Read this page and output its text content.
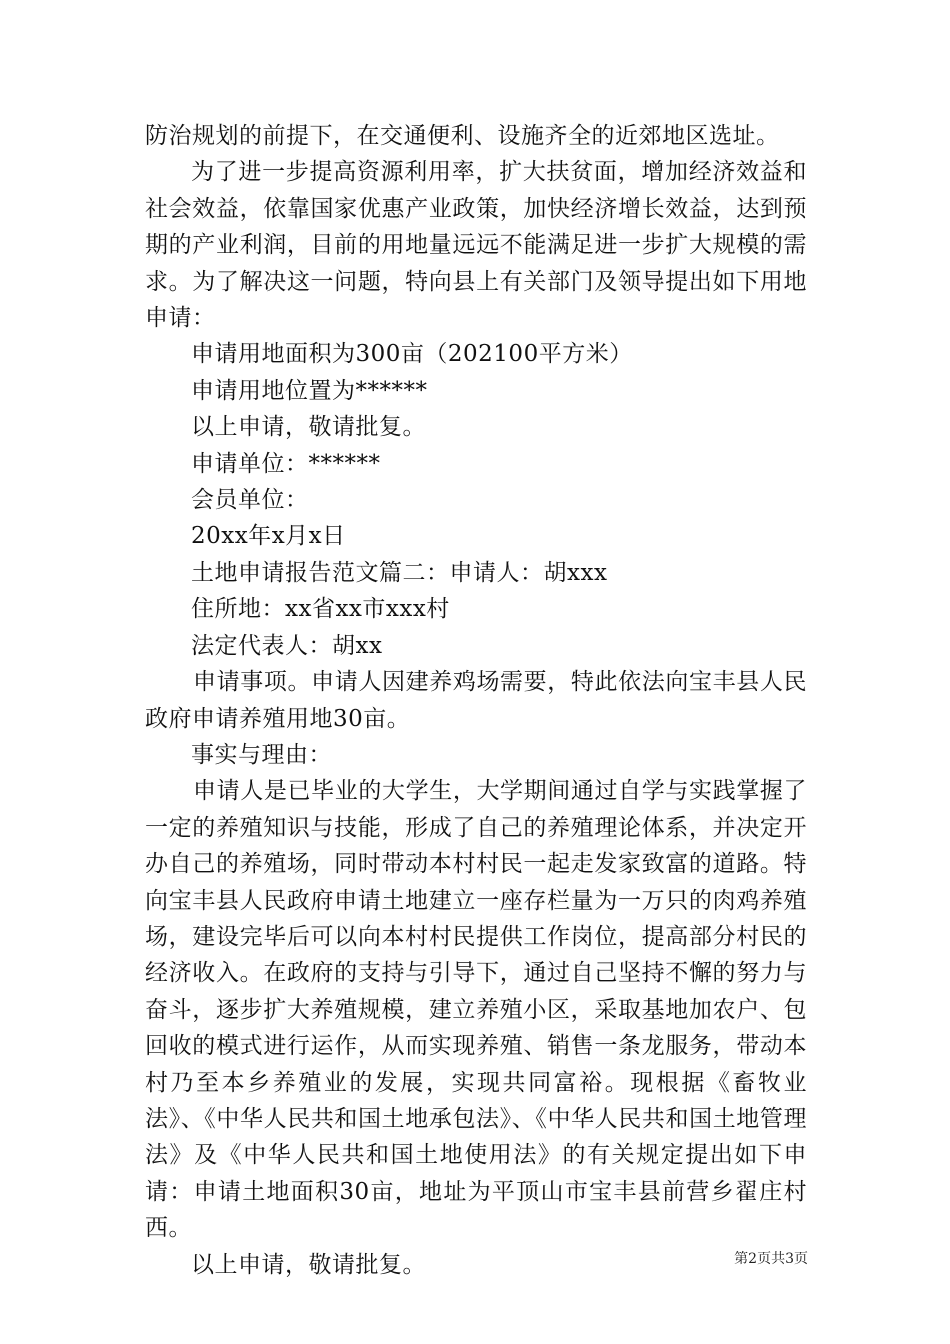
防治规划的前提下，在交通便利、设施齐全的近郊地区选址。

为了进一步提高资源利用率，扩大扶贫面，增加经济效益和社会效益，依靠国家优惠产业政策，加快经济增长效益，达到预期的产业利润，目前的用地量远远不能满足进一步扩大规模的需求。为了解决这一问题，特向县上有关部门及领导提出如下用地申请：

申请用地面积为300亩（202100平方米）

申请用地位置为******

以上申请，敬请批复。

申请单位：******

会员单位：

20xx年x月x日

土地申请报告范文篇二：申请人：胡xxx

住所地：xx省xx市xxx村

法定代表人：胡xx

申请事项。申请人因建养鸡场需要，特此依法向宝丰县人民政府申请养殖用地30亩。

事实与理由：

申请人是已毕业的大学生，大学期间通过自学与实践掌握了一定的养殖知识与技能，形成了自己的养殖理论体系，并决定开办自己的养殖场，同时带动本村村民一起走发家致富的道路。特向宝丰县人民政府申请土地建立一座存栏量为一万只的肉鸡养殖场，建设完毕后可以向本村村民提供工作岗位，提高部分村民的经济收入。在政府的支持与引导下，通过自己坚持不懈的努力与奋斗，逐步扩大养殖规模，建立养殖小区，采取基地加农户、包回收的模式进行运作，从而实现养殖、销售一条龙服务，带动本村乃至本乡养殖业的发展，实现共同富裕。现根据《畜牧业法》、《中华人民共和国土地承包法》、《中华人民共和国土地管理法》及《中华人民共和国土地使用法》的有关规定提出如下申请：申请土地面积30亩，地址为平顶山市宝丰县前营乡翟庄村西。

以上申请，敬请批复。	第2页共3页
